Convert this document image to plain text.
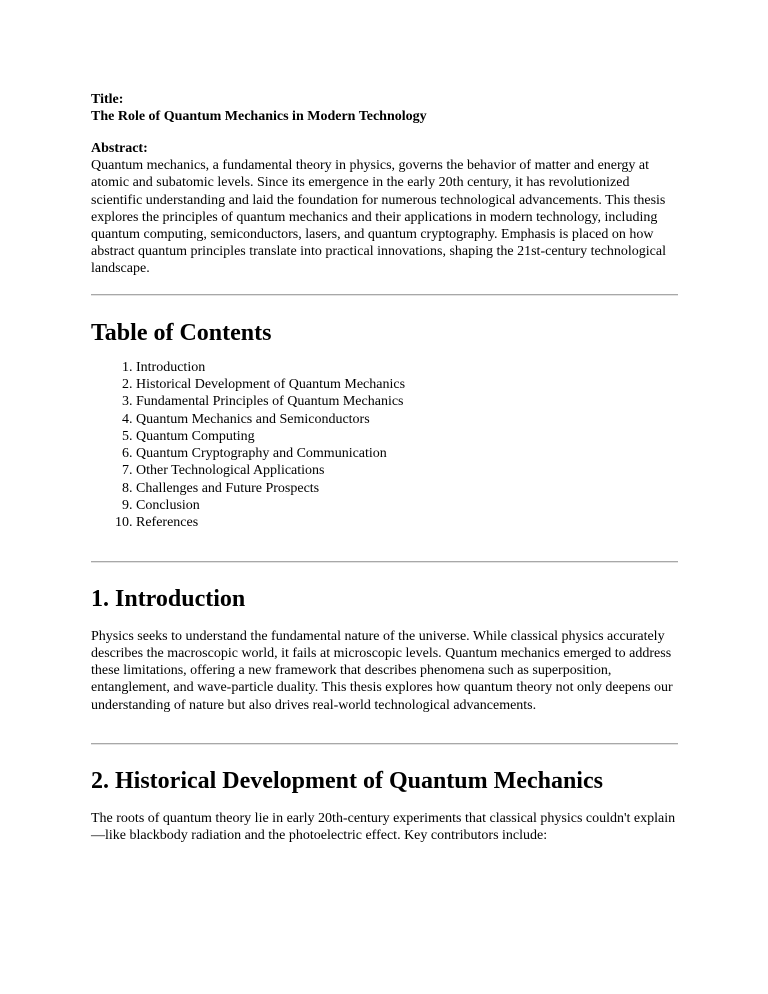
Title:
The Role of Quantum Mechanics in Modern Technology
Abstract:

Quantum mechanics, a fundamental theory in physics, governs the behavior of matter and energy at atomic and subatomic levels. Since its emergence in the early 20th century, it has revolutionized scientific understanding and laid the foundation for numerous technological advancements. This thesis explores the principles of quantum mechanics and their applications in modern technology, including quantum computing, semiconductors, lasers, and quantum cryptography. Emphasis is placed on how abstract quantum principles translate into practical innovations, shaping the 21st-century technological landscape.

Table of Contents
1. Introduction
2. Historical Development of Quantum Mechanics
3. Fundamental Principles of Quantum Mechanics
4. Quantum Mechanics and Semiconductors
5. Quantum Computing
6. Quantum Cryptography and Communication
7. Other Technological Applications
8. Challenges and Future Prospects
9. Conclusion
10. References
1. Introduction

Physics seeks to understand the fundamental nature of the universe. While classical physics accurately describes the macroscopic world, it fails at microscopic levels. Quantum mechanics emerged to address these limitations, offering a new framework that describes phenomena such as superposition, entanglement, and wave-particle duality. This thesis explores how quantum theory not only deepens our understanding of nature but also drives real-world technological advancements.

2. Historical Development of Quantum Mechanics

The roots of quantum theory lie in early 20th-century experiments that classical physics couldn't explain—like blackbody radiation and the photoelectric effect. Key contributors include:
